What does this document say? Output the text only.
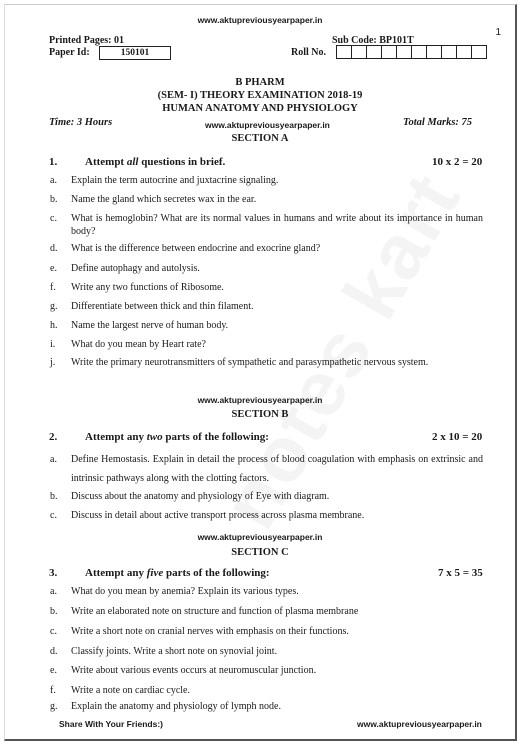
www.aktupreviousyearpaper.in
1
Printed Pages: 01	Sub Code: BP101T
Paper Id:	150101	Roll No.
B PHARM
(SEM- I) THEORY EXAMINATION 2018-19
HUMAN ANATOMY AND PHYSIOLOGY
Time: 3 Hours	www.aktupreviousyearpaper.in	Total Marks: 75
SECTION A
1.	Attempt all questions in brief.	10 x 2 = 20
a. Explain the term autocrine and juxtacrine signaling.
b. Name the gland which secretes wax in the ear.
c. What is hemoglobin? What are its normal values in humans and write about its importance in human body?
d. What is the difference between endocrine and exocrine gland?
e. Define autophagy and autolysis.
f. Write any two functions of Ribosome.
g. Differentiate between thick and thin filament.
h. Name the largest nerve of human body.
i. What do you mean by Heart rate?
j. Write the primary neurotransmitters of sympathetic and parasympathetic nervous system.
www.aktupreviousyearpaper.in
SECTION B
2.	Attempt any two parts of the following:	2 x 10 = 20
a. Define Hemostasis. Explain in detail the process of blood coagulation with emphasis on extrinsic and intrinsic pathways along with the clotting factors.
b. Discuss about the anatomy and physiology of Eye with diagram.
c. Discuss in detail about active transport process across plasma membrane.
www.aktupreviousyearpaper.in
SECTION C
3.	Attempt any five parts of the following:	7 x 5 = 35
a. What do you mean by anemia? Explain its various types.
b. Write an elaborated note on structure and function of plasma membrane
c. Write a short note on cranial nerves with emphasis on their functions.
d. Classify joints. Write a short note on synovial joint.
e. Write about various events occurs at neuromuscular junction.
f. Write a note on cardiac cycle.
g. Explain the anatomy and physiology of lymph node.
Share With Your Friends:)	www.aktupreviousyearpaper.in
